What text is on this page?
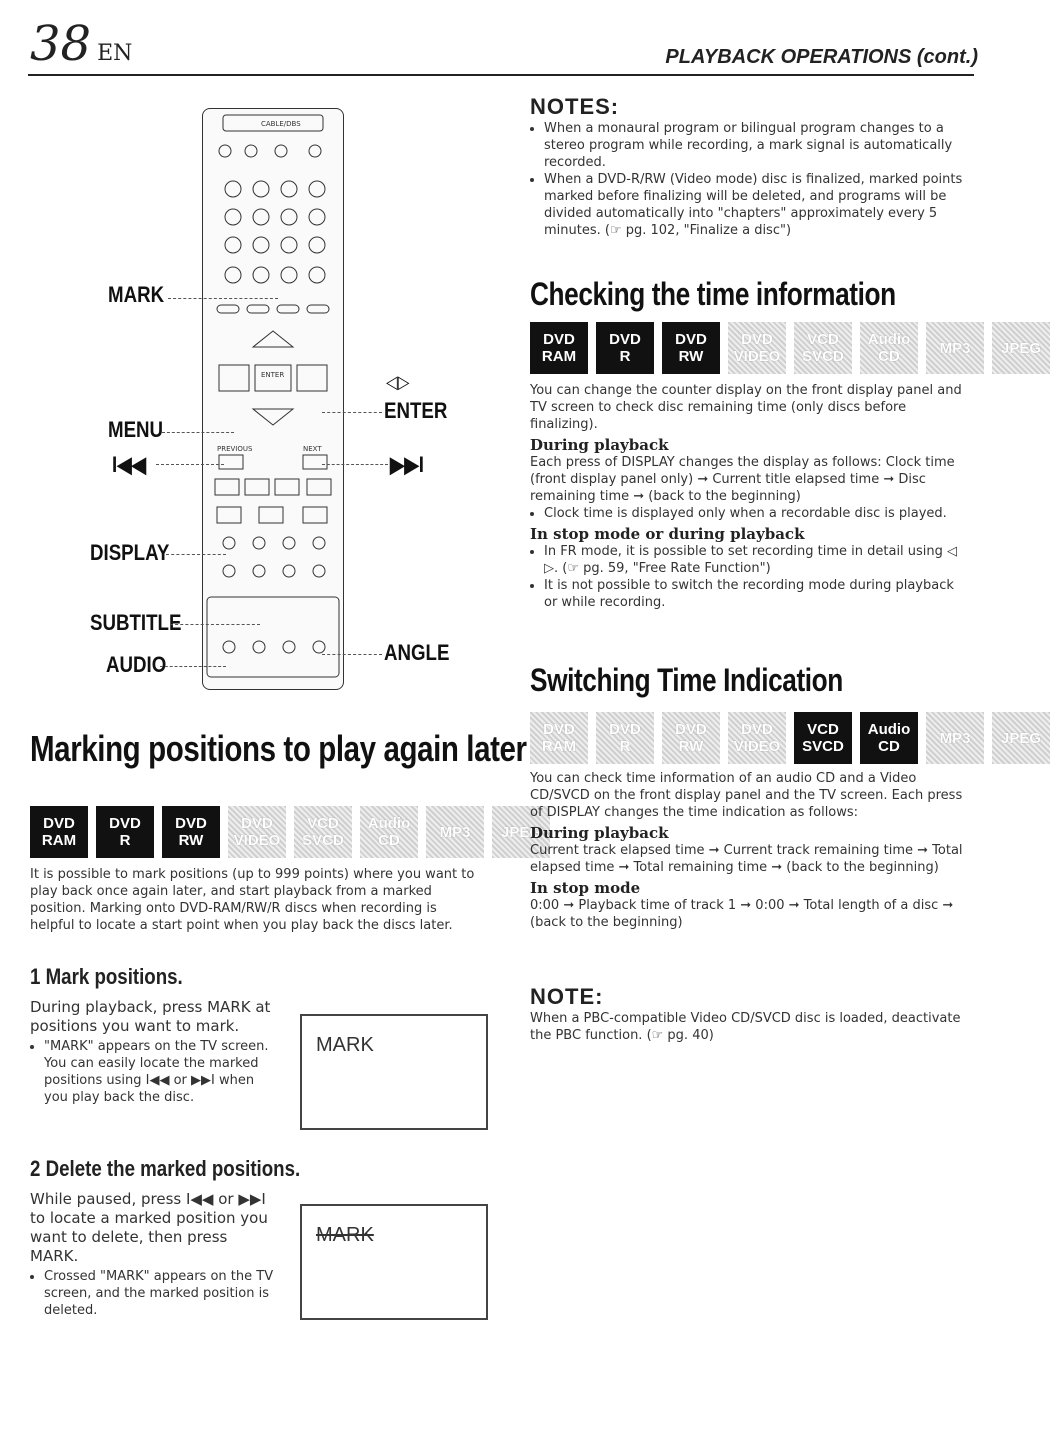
38 EN	PLAYBACK OPERATIONS (cont.)
CABLE/DBS
ENTER
PREVIOUS	NEXT
MARK
MENU
I◀◀
DISPLAY
SUBTITLE
AUDIO
◁▷
ENTER
▶▶I
ANGLE
Marking positions to play again later
DVD
RAM
DVD
R
DVD
RW
DVD
VIDEO
VCD
SVCD
Audio
CD	MP3 JPEG
It is possible to mark positions (up to 999 points) where you want to play back once again later, and start playback from a marked position. Marking onto DVD-RAM/RW/R discs when recording is helpful to locate a start point when you play back the discs later.
1 Mark positions.
During playback, press MARK at positions you want to mark.
• "MARK" appears on the TV screen. You can easily locate the marked positions using I◀◀ or ▶▶I when you play back the disc.
MARK
2 Delete the marked positions.
While paused, press I◀◀ or ▶▶I to locate a marked position you want to delete, then press MARK.
• Crossed "MARK" appears on the TV screen, and the marked position is deleted.
MARK
NOTES:
• When a monaural program or bilingual program changes to a stereo program while recording, a mark signal is automatically recorded.
• When a DVD-R/RW (Video mode) disc is finalized, marked points marked before finalizing will be deleted, and programs will be divided automatically into "chapters" approximately every 5 minutes. (☞ pg. 102, "Finalize a disc")
Checking the time information
DVD
RAM
DVD
R
DVD
RW
DVD
VIDEO
VCD
SVCD
Audio
CD	MP3 JPEG
You can change the counter display on the front display panel and TV screen to check disc remaining time (only discs before finalizing).
During playback
Each press of DISPLAY changes the display as follows: Clock time (front display panel only) ➞ Current title elapsed time ➞ Disc remaining time ➞ (back to the beginning)
• Clock time is displayed only when a recordable disc is played.
In stop mode or during playback
• In FR mode, it is possible to set recording time in detail using ◁ ▷. (☞ pg. 59, "Free Rate Function")
• It is not possible to switch the recording mode during playback or while recording.
Switching Time Indication
DVD
RAM
DVD
R
DVD
RW
DVD
VIDEO
VCD
SVCD
Audio
CD	MP3 JPEG
You can check time information of an audio CD and a Video CD/SVCD on the front display panel and the TV screen. Each press of DISPLAY changes the time indication as follows:
During playback
Current track elapsed time ➞ Current track remaining time ➞ Total elapsed time ➞ Total remaining time ➞ (back to the beginning)
In stop mode
0:00 ➞ Playback time of track 1 ➞ 0:00 ➞ Total length of a disc ➞ (back to the beginning)
NOTE:
When a PBC-compatible Video CD/SVCD disc is loaded, deactivate the PBC function. (☞ pg. 40)
